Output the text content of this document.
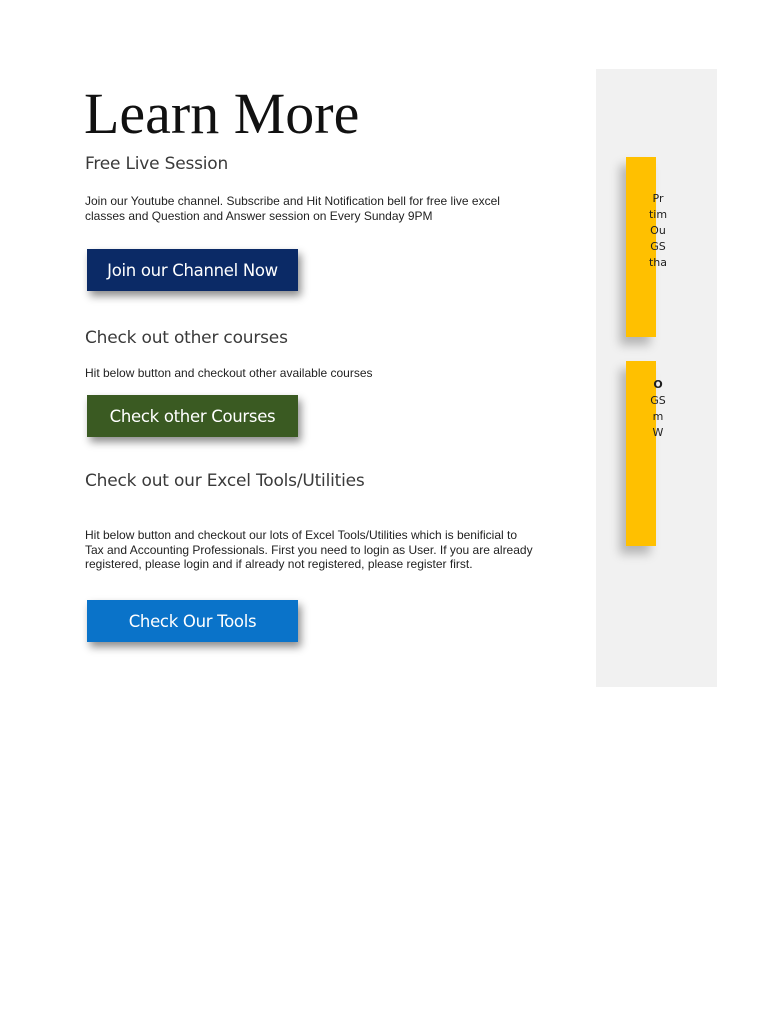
Learn More
Free Live Session

Join our Youtube channel. Subscribe and Hit Notification bell for free live excel classes and Question and Answer session on Every Sunday 9PM

Join our Channel Now
Check out other courses

Hit below button and checkout other available courses

Check other Courses
Check out our Excel Tools/Utilities

Hit below button and checkout our lots of Excel Tools/Utilities which is benificial to Tax and Accounting Professionals. First you need to login as User. If you are already registered, please login and if already not registered, please register first.

Check Our Tools
Pr
tim
Ou
GS
tha
O
GS
m
W
